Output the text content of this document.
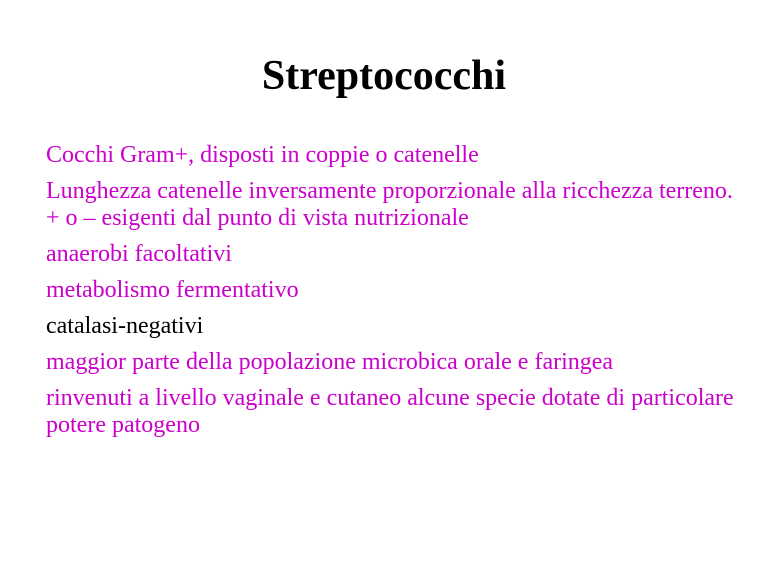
Streptococchi
Cocchi Gram+, disposti in coppie o catenelle
Lunghezza catenelle inversamente proporzionale alla ricchezza terreno. + o – esigenti dal punto di vista nutrizionale
anaerobi facoltativi
metabolismo fermentativo
catalasi-negativi
maggior parte della popolazione microbica orale e faringea
rinvenuti a livello vaginale e cutaneo alcune specie dotate di particolare potere patogeno
